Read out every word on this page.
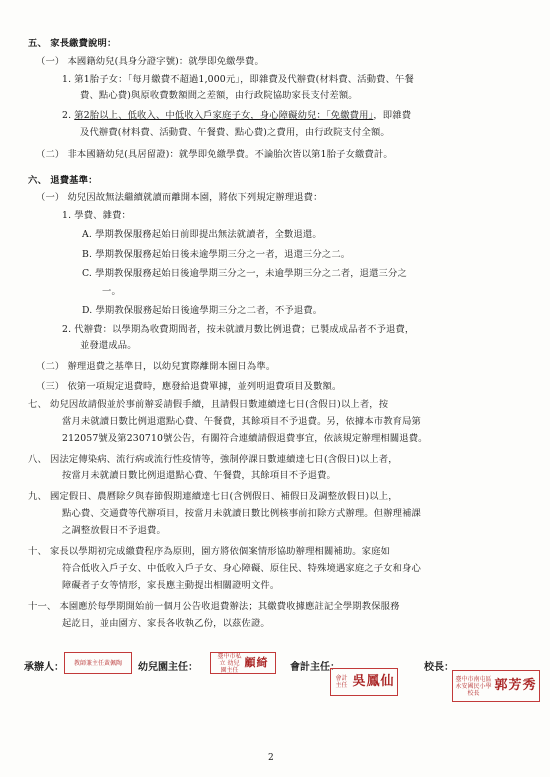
五、 家長繳費說明：
（一） 本國籍幼兒(具身分證字號)：就學即免繳學費。
1. 第1胎子女：「每月繳費不超過1,000元」，即雜費及代辦費(材料費、活動費、午餐
費、點心費)與原收費數額間之差額，由行政院協助家長支付差額。
2. 第2胎以上、低收入、中低收入戶家庭子女，身心障礙幼兒：「免繳費用」，即雜費
及代辦費(材料費、活動費、午餐費、點心費)之費用，由行政院支付全額。
（二） 非本國籍幼兒(具居留證)：就學即免繳學費。不論胎次皆以第1胎子女繳費計。
六、 退費基準：
（一） 幼兒因故無法繼續就讀而離開本園，將依下列規定辦理退費：
1. 學費、雜費：
A. 學期教保服務起始日前即提出無法就讀者，全數退還。
B. 學期教保服務起始日後未逾學期三分之一者，退還三分之二。
C. 學期教保服務起始日後逾學期三分之一，未逾學期三分之二者，退還三分之
一。
D. 學期教保服務起始日後逾學期三分之二者，不予退費。
2. 代辦費：以學期為收費期間者，按未就讀月數比例退費；已製成成品者不予退費，
並發還成品。
（二） 辦理退費之基準日，以幼兒實際離開本園日為準。
（三） 依第一項規定退費時，應發給退費單據，並列明退費項目及數額。
七、 幼兒因故請假並於事前辦妥請假手續，且請假日數連續達七日(含假日)以上者，按
當月未就讀日數比例退還點心費、午餐費，其餘項目不予退費。另，依據本市教育局第
212057號及第230710號公告，有關符合連續請假退費事宜，依該規定辦理相關退費。
八、 因法定傳染病、流行病或流行性疫情等，強制停課日數連續達七日(含假日)以上者，
按當月未就讀日數比例退還點心費、午餐費，其餘項目不予退費。
九、 國定假日、農曆除夕與春節假期連續達七日(含例假日、補假日及調整放假日)以上，
點心費、交通費等代辦項目，按當月未就讀日數比例核事前扣除方式辦理。但辦理補課
之調整放假日不予退費。
十、 家長以學期初完成繳費程序為原則，園方將依個案情形協助辦理相關補助。家庭如
符合低收入戶子女、中低收入戶子女、身心障礙、原住民、特殊境遇家庭之子女和身心
障礙者子女等情形，家長應主動提出相關證明文件。
十一、 本園應於每學期開始前一個月公告收退費辦法；其繳費收據應註記全學期教保服務
起訖日，並由園方、家長各收執乙份，以茲佐證。
承辦人： 教師兼主任黃佩陶 幼兒園主任：
臺中市私立 幼兒園主任
顧綺 會計主任：
會計 主任 吳鳳仙
校長：
臺中市南屯區永安國民小學校長	郭芳秀
2
